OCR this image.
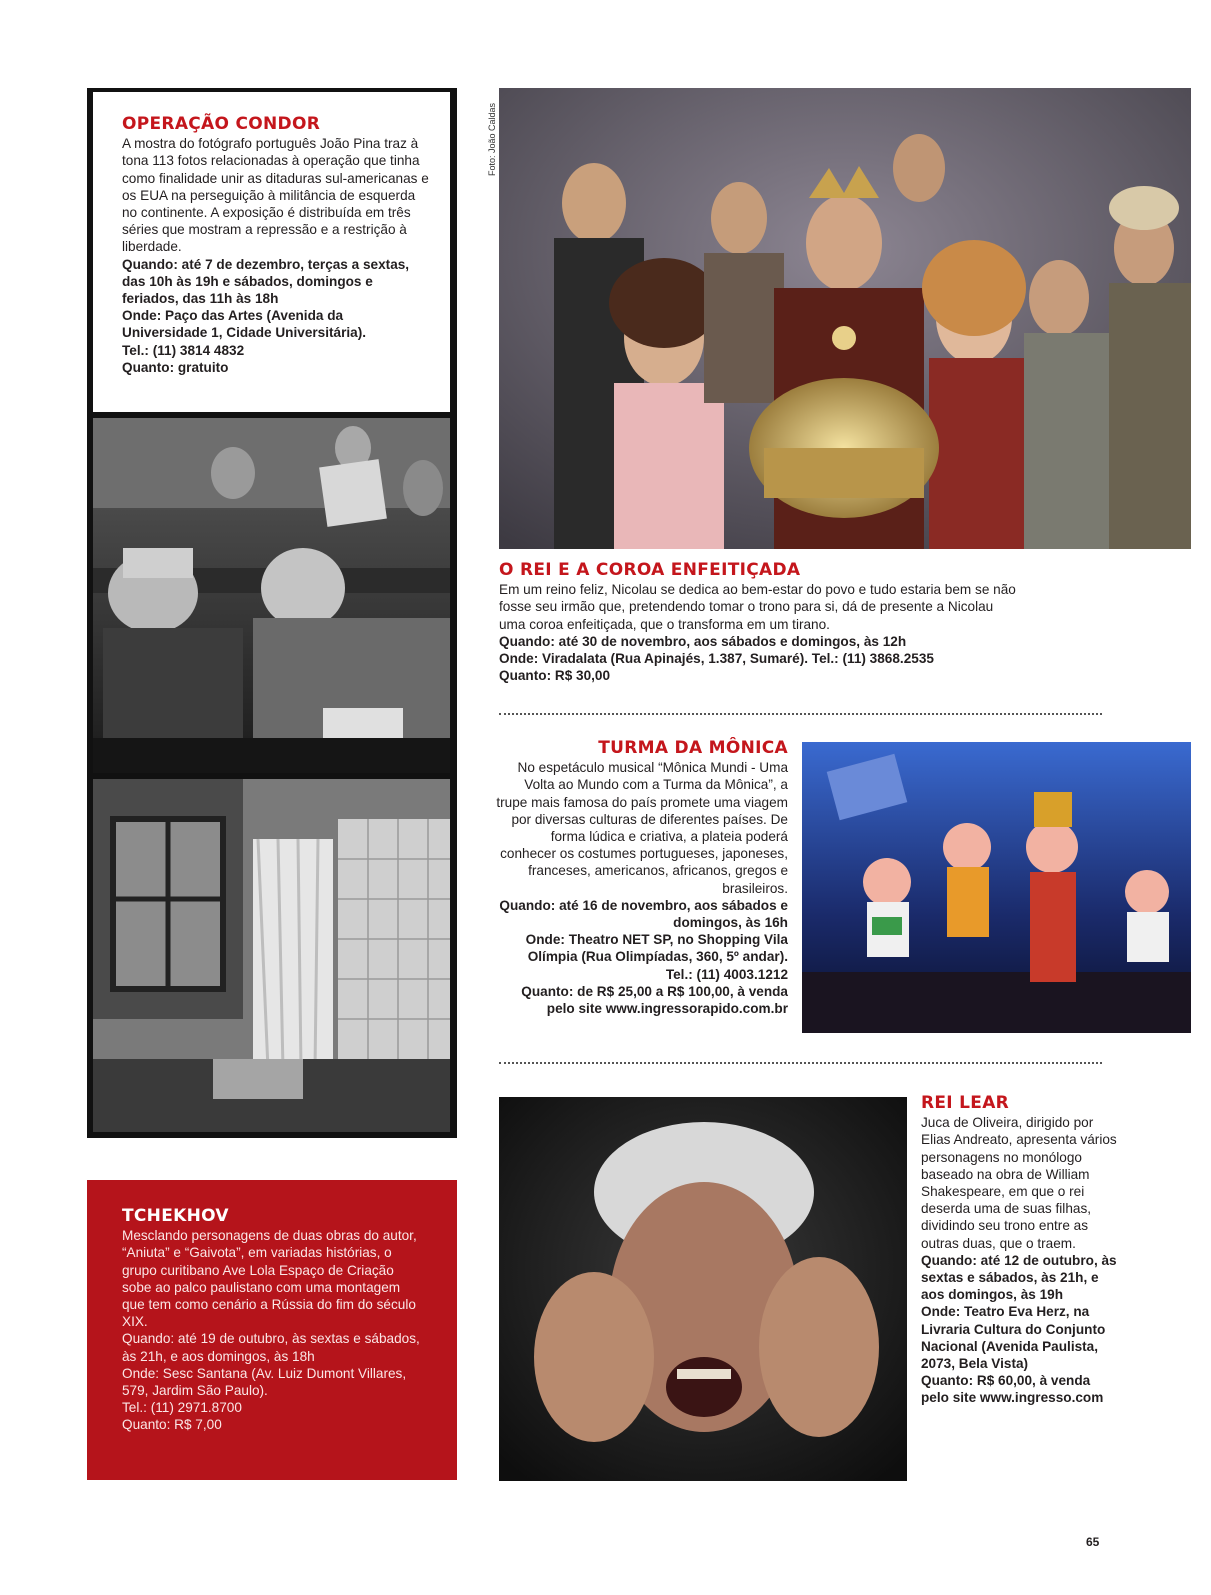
OPERAÇÃO CONDOR

A mostra do fotógrafo português João Pina traz à tona 113 fotos relacionadas à operação que tinha como finalidade unir as ditaduras sul-americanas e os EUA na perseguição à militância de esquerda no continente. A exposição é distribuída em três séries que mostram a repressão e a restrição à liberdade.

Quando: até 7 de dezembro, terças a sextas, das 10h às 19h e sábados, domingos e feriados, das 11h às 18h

Onde: Paço das Artes (Avenida da Universidade 1, Cidade Universitária).

Tel.: (11) 3814 4832

Quanto: gratuito

TCHEKHOV

Mesclando personagens de duas obras do autor, “Aniuta” e “Gaivota”, em variadas histórias, o grupo curitibano Ave Lola Espaço de Criação sobe ao palco paulistano com uma montagem que tem como cenário a Rússia do fim do século XIX.

Quando: até 19 de outubro, às sextas e sábados, às 21h, e aos domingos, às 18h

Onde: Sesc Santana (Av. Luiz Dumont Villares, 579, Jardim São Paulo).

Tel.: (11) 2971.8700

Quanto: R$ 7,00

Foto: João Caldas
O REI E A COROA ENFEITIÇADA

Em um reino feliz, Nicolau se dedica ao bem-estar do povo e tudo estaria bem se não fosse seu irmão que, pretendendo tomar o trono para si, dá de presente a Nicolau uma coroa enfeitiçada, que o transforma em um tirano.

Quando: até 30 de novembro, aos sábados e domingos, às 12h

Onde: Viradalata (Rua Apinajés, 1.387, Sumaré). Tel.: (11) 3868.2535

Quanto: R$ 30,00

TURMA DA MÔNICA

No espetáculo musical “Mônica Mundi - Uma Volta ao Mundo com a Turma da Mônica”, a trupe mais famosa do país promete uma viagem por diversas culturas de diferentes países. De forma lúdica e criativa, a plateia poderá conhecer os costumes portugueses, japoneses, franceses, americanos, africanos, gregos e brasileiros.

Quando: até 16 de novembro, aos sábados e domingos, às 16h

Onde: Theatro NET SP, no Shopping Vila Olímpia (Rua Olimpíadas, 360, 5º andar).

Tel.: (11) 4003.1212

Quanto: de R$ 25,00 a R$ 100,00, à venda pelo site www.ingressorapido.com.br

REI LEAR

Juca de Oliveira, dirigido por Elias Andreato, apresenta vários personagens no monólogo baseado na obra de William Shakespeare, em que o rei deserda uma de suas filhas, dividindo seu trono entre as outras duas, que o traem.

Quando: até 12 de outubro, às sextas e sábados, às 21h, e aos domingos, às 19h

Onde: Teatro Eva Herz, na Livraria Cultura do Conjunto Nacional (Avenida Paulista, 2073, Bela Vista)

Quanto: R$ 60,00, à venda pelo site www.ingresso.com

65
